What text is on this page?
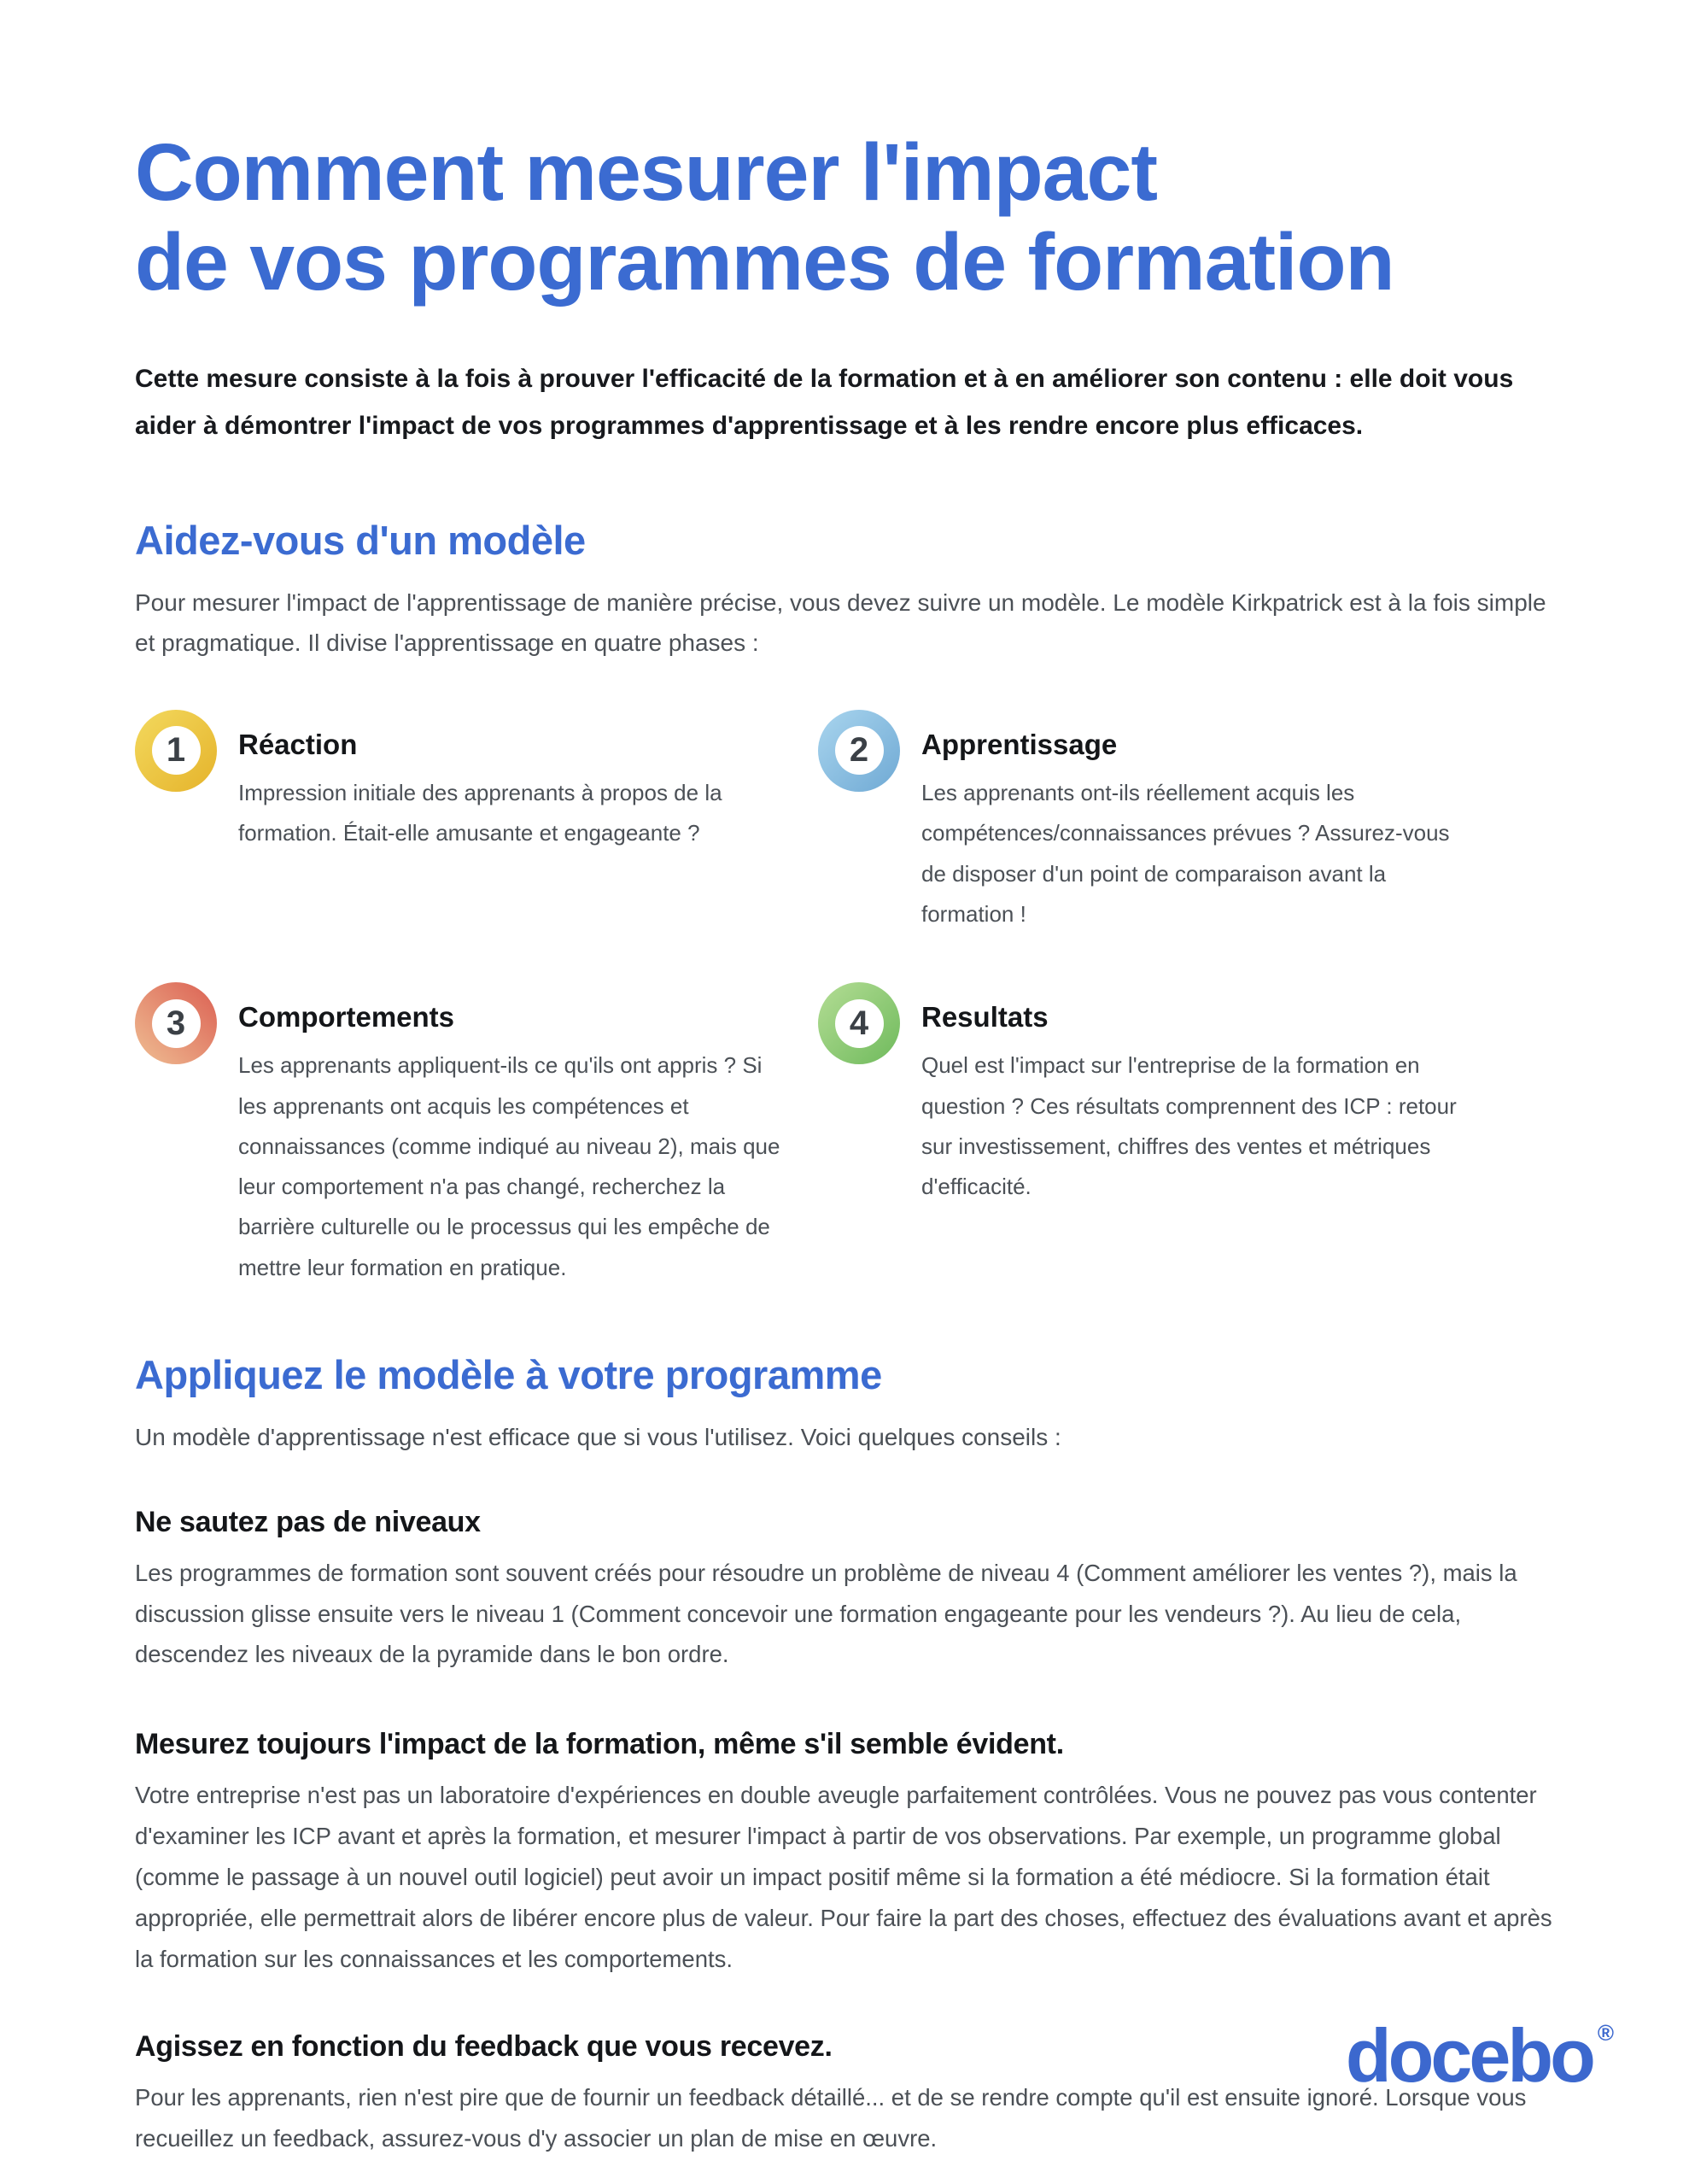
Comment mesurer l'impact
de vos programmes de formation
Cette mesure consiste à la fois à prouver l'efficacité de la formation et à en améliorer son contenu : elle doit vous aider à démontrer l'impact de vos programmes d'apprentissage et à les rendre encore plus efficaces.
Aidez-vous d'un modèle
Pour mesurer l'impact de l'apprentissage de manière précise, vous devez suivre un modèle. Le modèle Kirkpatrick est à la fois simple et pragmatique. Il divise l'apprentissage en quatre phases :
1	Réaction
Impression initiale des apprenants à propos de la formation. Était-elle amusante et engageante ?
2	Apprentissage
Les apprenants ont-ils réellement acquis les compétences/connaissances prévues ? Assurez-vous de disposer d'un point de comparaison avant la formation !
3	Comportements
Les apprenants appliquent-ils ce qu'ils ont appris ? Si les apprenants ont acquis les compétences et connaissances (comme indiqué au niveau 2), mais que leur comportement n'a pas changé, recherchez la barrière culturelle ou le processus qui les empêche de mettre leur formation en pratique.
4	Resultats
Quel est l'impact sur l'entreprise de la formation en question ? Ces résultats comprennent des ICP : retour sur investissement, chiffres des ventes et métriques d'efficacité.
Appliquez le modèle à votre programme
Un modèle d'apprentissage n'est efficace que si vous l'utilisez. Voici quelques conseils :
Ne sautez pas de niveaux
Les programmes de formation sont souvent créés pour résoudre un problème de niveau 4 (Comment améliorer les ventes ?), mais la discussion glisse ensuite vers le niveau 1 (Comment concevoir une formation engageante pour les vendeurs ?). Au lieu de cela, descendez les niveaux de la pyramide dans le bon ordre.
Mesurez toujours l'impact de la formation, même s'il semble évident.
Votre entreprise n'est pas un laboratoire d'expériences en double aveugle parfaitement contrôlées. Vous ne pouvez pas vous contenter d'examiner les ICP avant et après la formation, et mesurer l'impact à partir de vos observations. Par exemple, un programme global (comme le passage à un nouvel outil logiciel) peut avoir un impact positif même si la formation a été médiocre. Si la formation était appropriée, elle permettrait alors de libérer encore plus de valeur. Pour faire la part des choses, effectuez des évaluations avant et après la formation sur les connaissances et les comportements.
Agissez en fonction du feedback que vous recevez.
Pour les apprenants, rien n'est pire que de fournir un feedback détaillé... et de se rendre compte qu'il est ensuite ignoré. Lorsque vous recueillez un feedback, assurez-vous d'y associer un plan de mise en œuvre.
docebo ®
